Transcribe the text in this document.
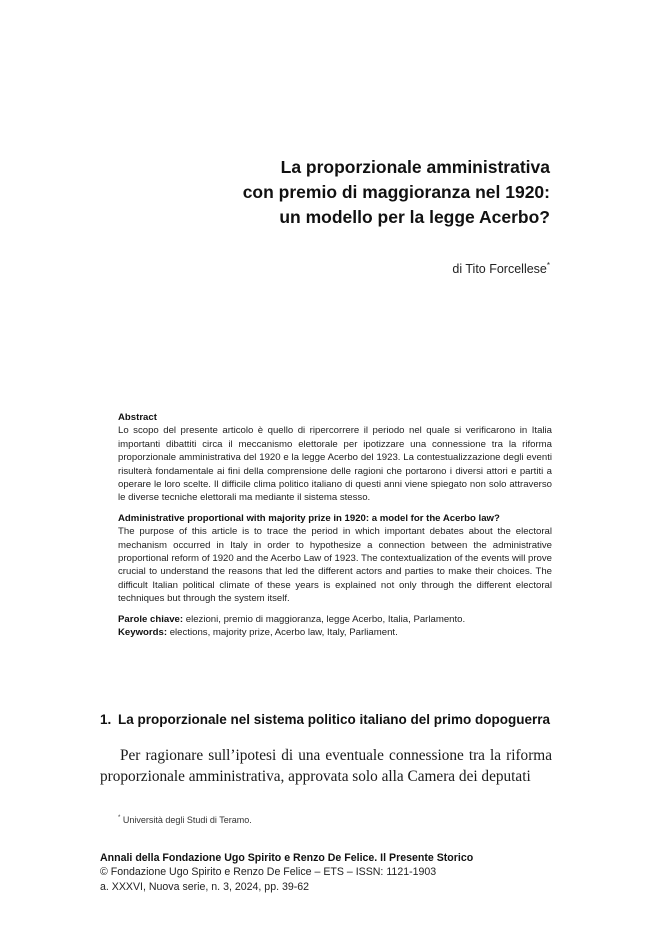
La proporzionale amministrativa
con premio di maggioranza nel 1920:
un modello per la legge Acerbo?
di Tito Forcellese*
Abstract
Lo scopo del presente articolo è quello di ripercorrere il periodo nel quale si verificarono in Italia importanti dibattiti circa il meccanismo elettorale per ipotizzare una connessione tra la riforma proporzionale amministrativa del 1920 e la legge Acerbo del 1923. La contestualizzazione degli eventi risulterà fondamentale ai fini della comprensione delle ragioni che portarono i diversi attori e partiti a operare le loro scelte. Il difficile clima politico italiano di questi anni viene spiegato non solo attraverso le diverse tecniche elettorali ma mediante il sistema stesso.
Administrative proportional with majority prize in 1920: a model for the Acerbo law?
The purpose of this article is to trace the period in which important debates about the electoral mechanism occurred in Italy in order to hypothesize a connection between the administrative proportional reform of 1920 and the Acerbo Law of 1923. The contextualization of the events will prove crucial to understand the reasons that led the different actors and parties to make their choices. The difficult Italian political climate of these years is explained not only through the different electoral techniques but through the system itself.
Parole chiave: elezioni, premio di maggioranza, legge Acerbo, Italia, Parlamento.
Keywords: elections, majority prize, Acerbo law, Italy, Parliament.
1. La proporzionale nel sistema politico italiano del primo dopoguerra

Per ragionare sull’ipotesi di una eventuale connessione tra la riforma proporzionale amministrativa, approvata solo alla Camera dei deputati

* Università degli Studi di Teramo.
Annali della Fondazione Ugo Spirito e Renzo De Felice. Il Presente Storico
© Fondazione Ugo Spirito e Renzo De Felice – ETS – ISSN: 1121-1903
a. XXXVI, Nuova serie, n. 3, 2024, pp. 39-62
